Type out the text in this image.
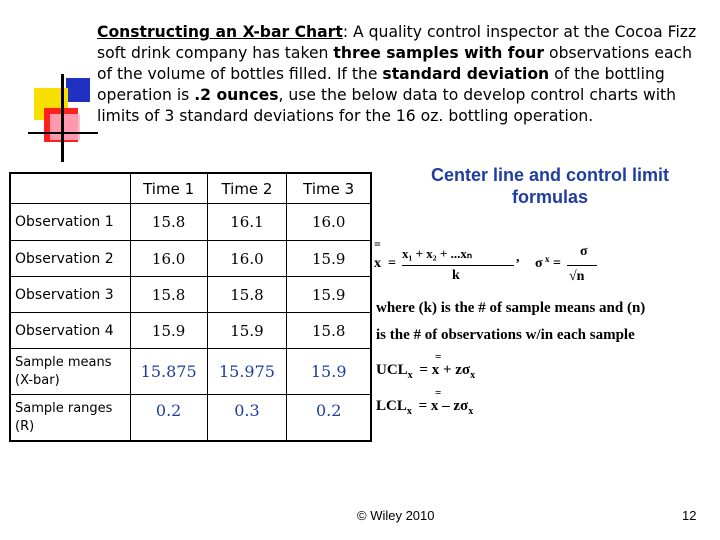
Constructing an X-bar Chart: A quality control inspector at the Cocoa Fizz soft drink company has taken three samples with four observations each of the volume of bottles filled. If the standard deviation of the bottling operation is .2 ounces, use the below data to develop control charts with limits of 3 standard deviations for the 16 oz. bottling operation.
	Time 1	Time 2	Time 3
Observation 1	15.8	16.1	16.0
Observation 2	16.0	16.0	15.9
Observation 3	15.8	15.8	15.9
Observation 4	15.9	15.9	15.8
Sample means (X-bar)	15.875	15.975	15.9
Sample ranges (R)	0.2	0.3	0.2
Center line and control limit formulas
=
x =
x₁ + x₂ + ...xₙ
k
, σ x =
σ
√n
where (k) is the # of sample means and (n)
is the # of observations w/in each sample
$UCL_x = x + z\sigma_x$
=
$LCL_x = x - z\sigma_x$
=
© Wiley 2010	12
